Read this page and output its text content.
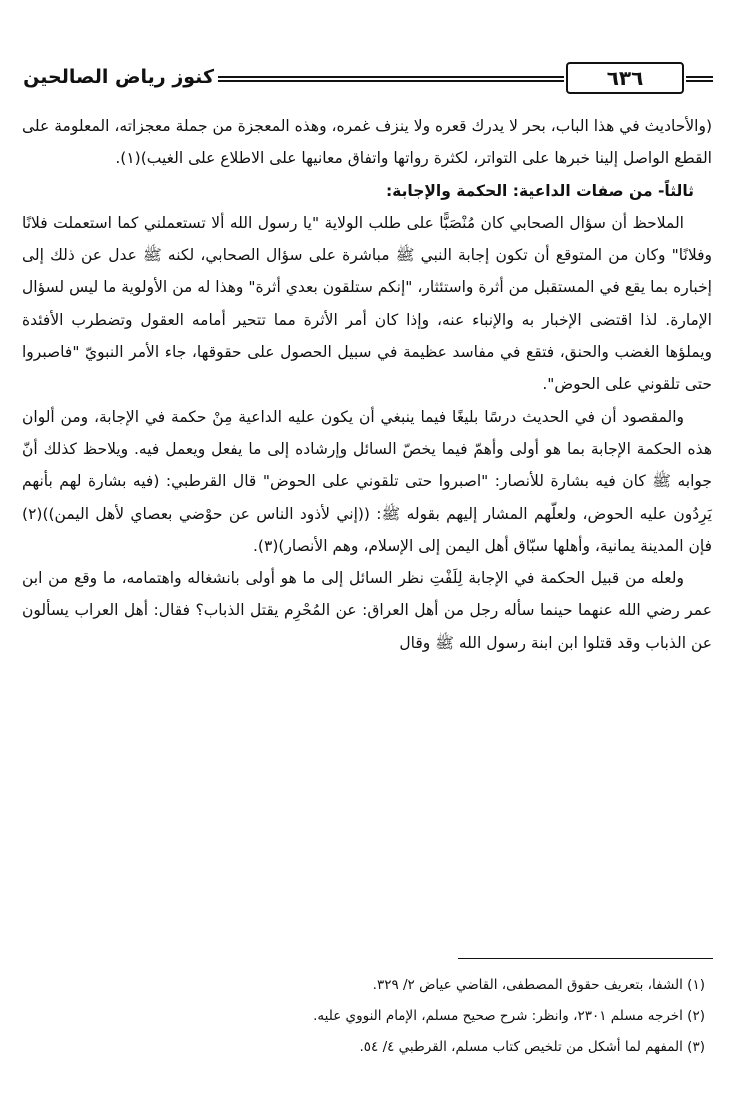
كنوز رياض الصالحين	٦٣٦

(والأحاديث في هذا الباب، بحر لا يدرك قعره ولا ينزف غمره، وهذه المعجزة من جملة معجزاته، المعلومة على القطع الواصل إلينا خبرها على التواتر، لكثرة رواتها واتفاق معانيها على الاطلاع على الغيب)(١).

ثالثاً- من صفات الداعية: الحكمة والإجابة:

الملاحظ أن سؤال الصحابي كان مُنْصَبًّا على طلب الولاية "يا رسول الله ألا تستعملني كما استعملت فلانًا وفلانًا" وكان من المتوقع أن تكون إجابة النبي ﷺ مباشرة على سؤال الصحابي، لكنه ﷺ عدل عن ذلك إلى إخباره بما يقع في المستقبل من أثرة واستئثار، "إنكم ستلقون بعدي أثرة" وهذا له من الأولوية ما ليس لسؤال الإمارة. لذا اقتضى الإخبار به والإنباء عنه، وإذا كان أمر الأثرة مما تتحير أمامه العقول وتضطرب الأفئدة ويملؤها الغضب والحنق، فتقع في مفاسد عظيمة في سبيل الحصول على حقوقها، جاء الأمر النبويّ "فاصبروا حتى تلقوني على الحوض".

والمقصود أن في الحديث درسًا بليغًا فيما ينبغي أن يكون عليه الداعية مِنْ حكمة في الإجابة، ومن ألوان هذه الحكمة الإجابة بما هو أولى وأهمّ فيما يخصّ السائل وإرشاده إلى ما يفعل ويعمل فيه. ويلاحظ كذلك أنّ جوابه ﷺ كان فيه بشارة للأنصار: "اصبروا حتى تلقوني على الحوض" قال القرطبي: (فيه بشارة لهم بأنهم يَرِدُون عليه الحوض، ولعلّهم المشار إليهم بقوله ﷺ: ((إني لأذود الناس عن حوْضي بعصاي لأهل اليمن))(٢) فإن المدينة يمانية، وأهلها سبّاق أهل اليمن إلى الإسلام، وهم الأنصار)(٣).

ولعله من قبيل الحكمة في الإجابة لِلَفْتِ نظر السائل إلى ما هو أولى بانشغاله واهتمامه، ما وقع من ابن عمر رضي الله عنهما حينما سأله رجل من أهل العراق: عن المُحْرِم يقتل الذباب؟ فقال: أهل العراب يسألون عن الذباب وقد قتلوا ابن ابنة رسول الله ﷺ وقال

(١) الشفا، بتعريف حقوق المصطفى، القاضي عياض ٢/ ٣٢٩.

(٢) اخرجه مسلم ٢٣٠١، وانظر: شرح صحيح مسلم، الإمام النووي عليه.

(٣) المفهم لما أشكل من تلخيص كتاب مسلم، القرطبي ٤/ ٥٤.
